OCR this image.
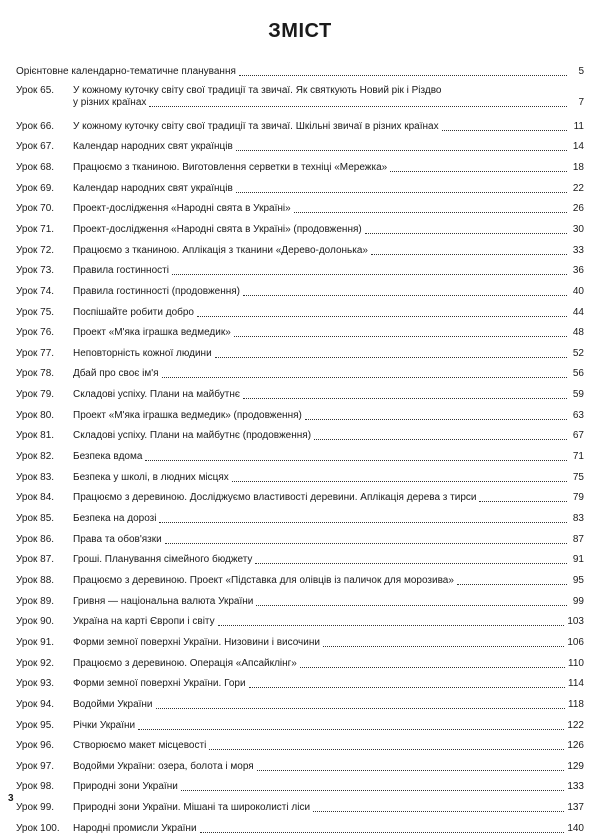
ЗМІСТ
Орієнтовне календарно-тематичне планування	5
Урок 65.	У кожному куточку світу свої традиції та звичаї. Як святкують Новий рік і Різдво
у різних країнах	7
Урок 66.	У кожному куточку світу свої традиції та звичаї. Шкільні звичаї в різних країнах	11
Урок 67.	Календар народних свят українців	14
Урок 68.	Працюємо з тканиною. Виготовлення серветки в техніці «Мережка»	18
Урок 69.	Календар народних свят українців	22
Урок 70.	Проект-дослідження «Народні свята в Україні»	26
Урок 71.	Проект-дослідження «Народні свята в Україні» (продовження)	30
Урок 72.	Працюємо з тканиною. Аплікація з тканини «Дерево-долонька»	33
Урок 73.	Правила гостинності	36
Урок 74.	Правила гостинності (продовження)	40
Урок 75.	Поспішайте робити добро	44
Урок 76.	Проект «М'яка іграшка ведмедик»	48
Урок 77.	Неповторність кожної людини	52
Урок 78.	Дбай про своє ім'я	56
Урок 79.	Складові успіху. Плани на майбутнє	59
Урок 80.	Проект «М'яка іграшка ведмедик» (продовження)	63
Урок 81.	Складові успіху. Плани на майбутнє (продовження)	67
Урок 82.	Безпека вдома	71
Урок 83.	Безпека у школі, в людних місцях	75
Урок 84.	Працюємо з деревиною. Досліджуємо властивості деревини. Аплікація дерева з тирси	79
Урок 85.	Безпека на дорозі	83
Урок 86.	Права та обов'язки	87
Урок 87.	Гроші. Планування сімейного бюджету	91
Урок 88.	Працюємо з деревиною. Проект «Підставка для олівців із паличок для морозива»	95
Урок 89.	Гривня — національна валюта України	99
Урок 90.	Україна на карті Європи і світу	103
Урок 91.	Форми земної поверхні України. Низовини і височини	106
Урок 92.	Працюємо з деревиною. Операція «Апсайклінг»	110
Урок 93.	Форми земної поверхні України. Гори	114
Урок 94.	Водойми України	118
Урок 95.	Річки України	122
Урок 96.	Створюємо макет місцевості	126
Урок 97.	Водойми України: озера, болота і моря	129
Урок 98.	Природні зони України	133
Урок 99.	Природні зони України. Мішані та широколисті ліси	137
Урок 100.	Народні промисли України	140
3
